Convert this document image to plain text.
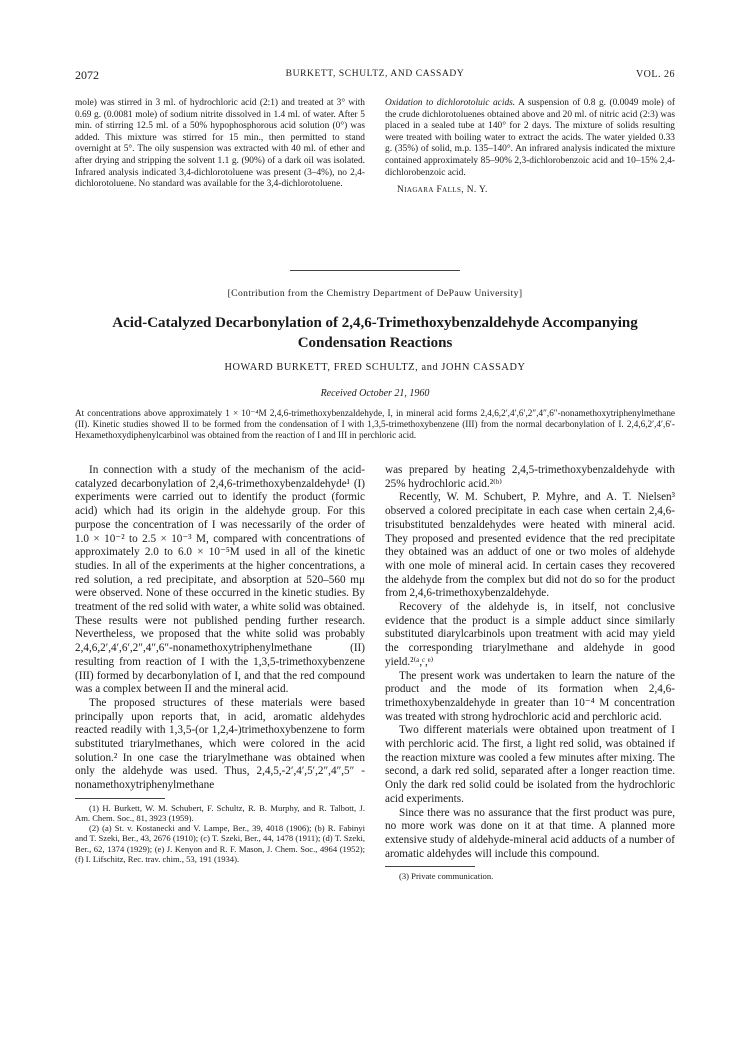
2072	BURKETT, SCHULTZ, AND CASSADY	VOL. 26

mole) was stirred in 3 ml. of hydrochloric acid (2:1) and treated at 3° with 0.69 g. (0.0081 mole) of sodium nitrite dissolved in 1.4 ml. of water. After 5 min. of stirring 12.5 ml. of a 50% hypophosphorous acid solution (0°) was added. This mixture was stirred for 15 min., then permitted to stand overnight at 5°. The oily suspension was extracted with 40 ml. of ether and after drying and stripping the solvent 1.1 g. (90%) of a dark oil was isolated. Infrared analysis indicated 3,4-dichlorotoluene was present (3–4%), no 2,4-dichlorotoluene. No standard was available for the 3,4-dichlorotoluene.

Oxidation to dichlorotoluic acids. A suspension of 0.8 g. (0.0049 mole) of the crude dichlorotoluenes obtained above and 20 ml. of nitric acid (2:3) was placed in a sealed tube at 140° for 2 days. The mixture of solids resulting were treated with boiling water to extract the acids. The water yielded 0.33 g. (35%) of solid, m.p. 135–140°. An infrared analysis indicated the mixture contained approximately 85–90% 2,3-dichlorobenzoic acid and 10–15% 2,4-dichlorobenzoic acid.

Niagara Falls, N. Y.

[Contribution from the Chemistry Department of DePauw University]
Acid-Catalyzed Decarbonylation of 2,4,6-Trimethoxybenzaldehyde Accompanying Condensation Reactions
HOWARD BURKETT, FRED SCHULTZ, and JOHN CASSADY
Received October 21, 1960

At concentrations above approximately 1 × 10⁻⁴M 2,4,6-trimethoxybenzaldehyde, I, in mineral acid forms 2,4,6,2′,4′,6′,2″,4″,6″-nonamethoxytriphenylmethane (II). Kinetic studies showed II to be formed from the condensation of I with 1,3,5-trimethoxybenzene (III) from the normal decarbonylation of I. 2,4,6,2′,4′,6′-Hexamethoxydiphenylcarbinol was obtained from the reaction of I and III in perchloric acid.

In connection with a study of the mechanism of the acid-catalyzed decarbonylation of 2,4,6-trimethoxybenzaldehyde¹ (I) experiments were carried out to identify the product (formic acid) which had its origin in the aldehyde group. For this purpose the concentration of I was necessarily of the order of 1.0 × 10⁻² to 2.5 × 10⁻³ M, compared with concentrations of approximately 2.0 to 6.0 × 10⁻⁵M used in all of the kinetic studies. In all of the experiments at the higher concentrations, a red solution, a red precipitate, and absorption at 520–560 mμ were observed. None of these occurred in the kinetic studies. By treatment of the red solid with water, a white solid was obtained. These results were not published pending further research. Nevertheless, we proposed that the white solid was probably 2,4,6,2′,4′,6′,2″,4″,6″-nonamethoxytriphenylmethane (II) resulting from reaction of I with the 1,3,5-trimethoxybenzene (III) formed by decarbonylation of I, and that the red compound was a complex between II and the mineral acid.

The proposed structures of these materials were based principally upon reports that, in acid, aromatic aldehydes reacted readily with 1,3,5-(or 1,2,4-)trimethoxybenzene to form substituted triarylmethanes, which were colored in the acid solution.² In one case the triarylmethane was obtained when only the aldehyde was used. Thus, 2,4,5,-2′,4′,5′,2″,4″,5″ - nonamethoxytriphenylmethane

(1) H. Burkett, W. M. Schubert, F. Schultz, R. B. Murphy, and R. Talbott, J. Am. Chem. Soc., 81, 3923 (1959).

(2) (a) St. v. Kostanecki and V. Lampe, Ber., 39, 4018 (1906); (b) R. Fabinyi and T. Szeki, Ber., 43, 2676 (1910); (c) T. Szeki, Ber., 44, 1478 (1911); (d) T. Szeki, Ber., 62, 1374 (1929); (e) J. Kenyon and R. F. Mason, J. Chem. Soc., 4964 (1952); (f) I. Lifschitz, Rec. trav. chim., 53, 191 (1934).

was prepared by heating 2,4,5-trimethoxybenzaldehyde with 25% hydrochloric acid.²⁽ᵇ⁾

Recently, W. M. Schubert, P. Myhre, and A. T. Nielsen³ observed a colored precipitate in each case when certain 2,4,6-trisubstituted benzaldehydes were heated with mineral acid. They proposed and presented evidence that the red precipitate they obtained was an adduct of one or two moles of aldehyde with one mole of mineral acid. In certain cases they recovered the aldehyde from the complex but did not do so for the product from 2,4,6-trimethoxybenzaldehyde.

Recovery of the aldehyde is, in itself, not conclusive evidence that the product is a simple adduct since similarly substituted diarylcarbinols upon treatment with acid may yield the corresponding triarylmethane and aldehyde in good yield.²⁽ᵃ,ᶜ,ᵉ⁾

The present work was undertaken to learn the nature of the product and the mode of its formation when 2,4,6-trimethoxybenzaldehyde in greater than 10⁻⁴ M concentration was treated with strong hydrochloric acid and perchloric acid.

Two different materials were obtained upon treatment of I with perchloric acid. The first, a light red solid, was obtained if the reaction mixture was cooled a few minutes after mixing. The second, a dark red solid, separated after a longer reaction time. Only the dark red solid could be isolated from the hydrochloric acid experiments.

Since there was no assurance that the first product was pure, no more work was done on it at that time. A planned more extensive study of aldehyde-mineral acid adducts of a number of aromatic aldehydes will include this compound.

(3) Private communication.
